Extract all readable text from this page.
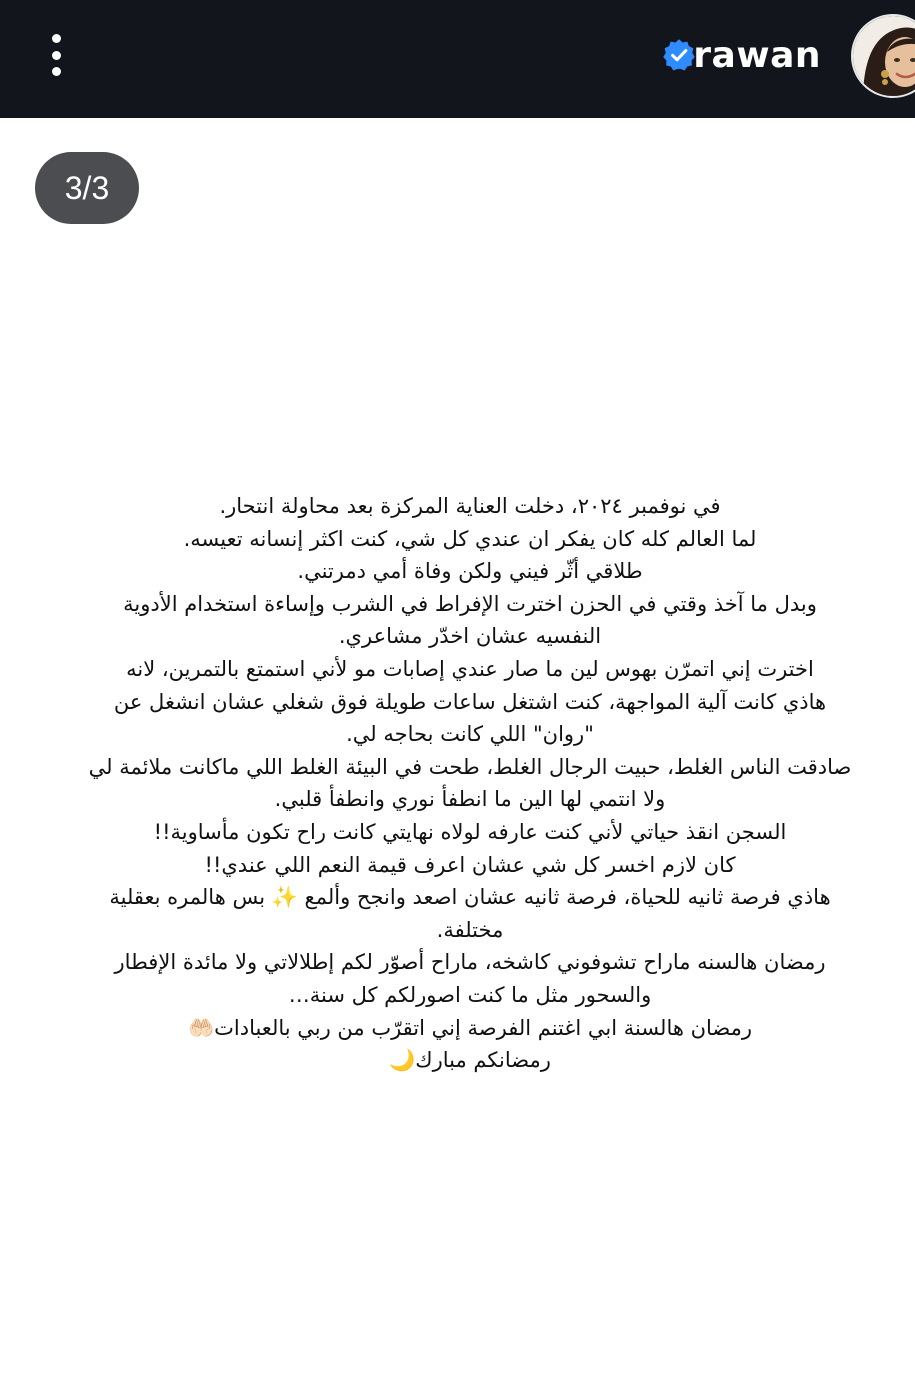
rawan
3/3
في نوفمبر ٢٠٢٤، دخلت العناية المركزة بعد محاولة انتحار.
لما العالم كله كان يفكر ان عندي كل شي، كنت اكثر إنسانه تعيسه.
طلاقي أثّر فيني ولكن وفاة أمي دمرتني.
وبدل ما آخذ وقتي في الحزن اخترت الإفراط في الشرب وإساءة استخدام الأدوية
النفسيه عشان اخدّر مشاعري.
اخترت إني اتمرّن بهوس لين ما صار عندي إصابات مو لأني استمتع بالتمرين، لانه
هاذي كانت آلية المواجهة، كنت اشتغل ساعات طويلة فوق شغلي عشان انشغل عن
"روان" اللي كانت بحاجه لي.
صادقت الناس الغلط، حبيت الرجال الغلط، طحت في البيئة الغلط اللي ماكانت ملائمة لي
ولا انتمي لها الين ما انطفأ نوري وانطفأ قلبي.
السجن انقذ حياتي لأني كنت عارفه لولاه نهايتي كانت راح تكون مأساوية!!
كان لازم اخسر كل شي عشان اعرف قيمة النعم اللي عندي!!
هاذي فرصة ثانيه للحياة، فرصة ثانيه عشان اصعد وانجح وألمع ✨ بس هالمره بعقلية
مختلفة.
رمضان هالسنه ماراح تشوفوني كاشخه، ماراح أصوّر لكم إطلالاتي ولا مائدة الإفطار
والسحور مثل ما كنت اصورلكم كل سنة…
رمضان هالسنة ابي اغتنم الفرصة إني اتقرّب من ربي بالعبادات🤲🏻
رمضانكم مبارك🌙
